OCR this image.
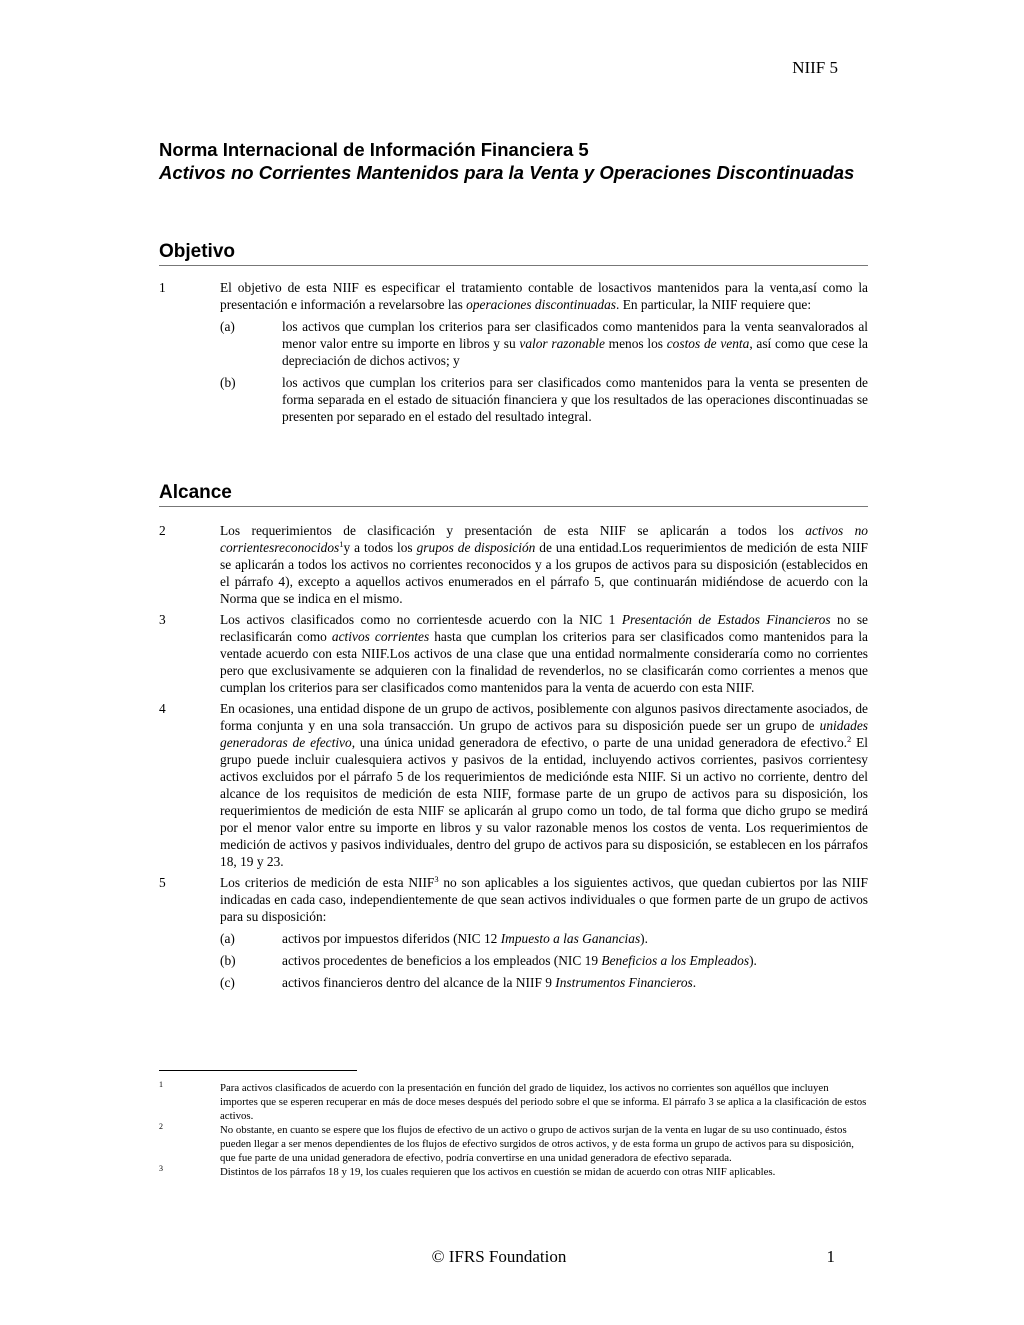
NIIF 5
Norma Internacional de Información Financiera 5
Activos no Corrientes Mantenidos para la Venta y Operaciones Discontinuadas
Objetivo
1	El objetivo de esta NIIF es especificar el tratamiento contable de losactivos mantenidos para la venta,así como la presentación e información a revelarsobre las operaciones discontinuadas. En particular, la NIIF requiere que:
(a)	los activos que cumplan los criterios para ser clasificados como mantenidos para la venta seanvalorados al menor valor entre su importe en libros y su valor razonable menos los costos de venta, así como que cese la depreciación de dichos activos; y
(b)	los activos que cumplan los criterios para ser clasificados como mantenidos para la venta se presenten de forma separada en el estado de situación financiera y que los resultados de las operaciones discontinuadas se presenten por separado en el estado del resultado integral.
Alcance
2	Los requerimientos de clasificación y presentación de esta NIIF se aplicarán a todos los activos no corrientesreconocidos$^1$y a todos los grupos de disposición de una entidad.Los requerimientos de medición de esta NIIF se aplicarán a todos los activos no corrientes reconocidos y a los grupos de activos para su disposición (establecidos en el párrafo 4), excepto a aquellos activos enumerados en el párrafo 5, que continuarán midiéndose de acuerdo con la Norma que se indica en el mismo.
3	Los activos clasificados como no corrientesde acuerdo con la NIC 1 Presentación de Estados Financieros no se reclasificarán como activos corrientes hasta que cumplan los criterios para ser clasificados como mantenidos para la ventade acuerdo con esta NIIF.Los activos de una clase que una entidad normalmente consideraría como no corrientes pero que exclusivamente se adquieren con la finalidad de revenderlos, no se clasificarán como corrientes a menos que cumplan los criterios para ser clasificados como mantenidos para la venta de acuerdo con esta NIIF.
4	En ocasiones, una entidad dispone de un grupo de activos, posiblemente con algunos pasivos directamente asociados, de forma conjunta y en una sola transacción. Un grupo de activos para su disposición puede ser un grupo de unidades generadoras de efectivo, una única unidad generadora de efectivo, o parte de una unidad generadora de efectivo.$^2$ El grupo puede incluir cualesquiera activos y pasivos de la entidad, incluyendo activos corrientes, pasivos corrientesy activos excluidos por el párrafo 5 de los requerimientos de mediciónde esta NIIF. Si un activo no corriente, dentro del alcance de los requisitos de medición de esta NIIF, formase parte de un grupo de activos para su disposición, los requerimientos de medición de esta NIIF se aplicarán al grupo como un todo, de tal forma que dicho grupo se medirá por el menor valor entre su importe en libros y su valor razonable menos los costos de venta. Los requerimientos de medición de activos y pasivos individuales, dentro del grupo de activos para su disposición, se establecen en los párrafos 18, 19 y 23.
5	Los criterios de medición de esta NIIF$^3$ no son aplicables a los siguientes activos, que quedan cubiertos por las NIIF indicadas en cada caso, independientemente de que sean activos individuales o que formen parte de un grupo de activos para su disposición:
(a)	activos por impuestos diferidos (NIC 12 Impuesto a las Ganancias).
(b)	activos procedentes de beneficios a los empleados (NIC 19 Beneficios a los Empleados).
(c)	activos financieros dentro del alcance de la NIIF 9 Instrumentos Financieros.
1	Para activos clasificados de acuerdo con la presentación en función del grado de liquidez, los activos no corrientes son aquéllos que incluyen importes que se esperen recuperar en más de doce meses después del periodo sobre el que se informa. El párrafo 3 se aplica a la clasificación de estos activos.
2	No obstante, en cuanto se espere que los flujos de efectivo de un activo o grupo de activos surjan de la venta en lugar de su uso continuado, éstos pueden llegar a ser menos dependientes de los flujos de efectivo surgidos de otros activos, y de esta forma un grupo de activos para su disposición, que fue parte de una unidad generadora de efectivo, podría convertirse en una unidad generadora de efectivo separada.
3	Distintos de los párrafos 18 y 19, los cuales requieren que los activos en cuestión se midan de acuerdo con otras NIIF aplicables.
© IFRS Foundation	1
